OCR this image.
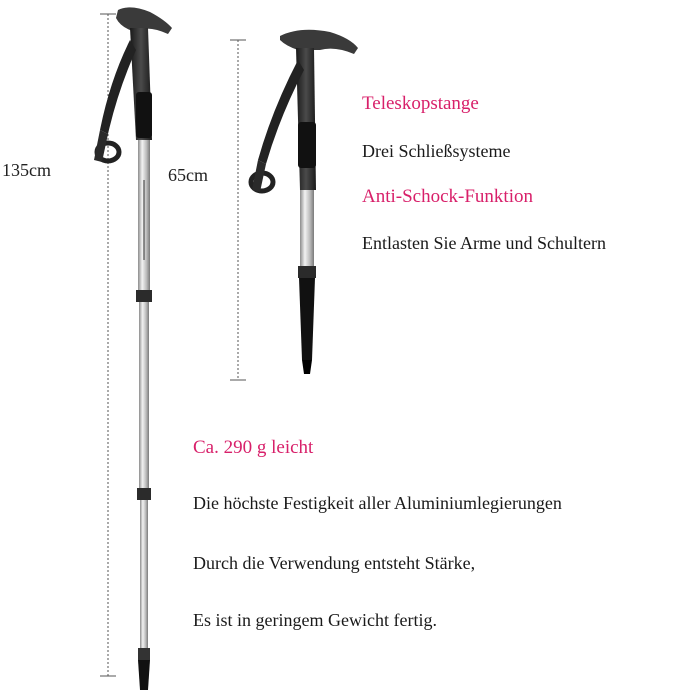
135cm	65cm
Teleskopstange
Drei Schließsysteme
Anti-Schock-Funktion
Entlasten Sie Arme und Schultern
Ca. 290 g leicht
Die höchste Festigkeit aller Aluminiumlegierungen
Durch die Verwendung entsteht Stärke,
Es ist in geringem Gewicht fertig.
